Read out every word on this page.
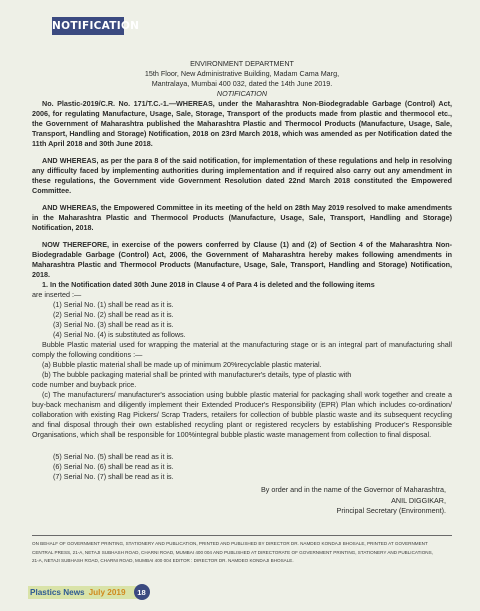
NOTIFICATION
ENVIRONMENT DEPARTMENT
15th Floor, New Administrative Building, Madam Cama Marg,
Mantralaya, Mumbai 400 032, dated the 14th June 2019.
NOTIFICATION
No. Plastic-2019/C.R. No. 171/T.C.-1.—WHEREAS, under the Maharashtra Non-Biodegradable Garbage (Control) Act, 2006, for regulating Manufacture, Usage, Sale, Storage, Transport of the products made from plastic and thermocol etc., the Government of Maharashtra published the Maharashtra Plastic and Thermocol Products (Manufacture, Usage, Sale, Transport, Handling and Storage) Notification, 2018 on 23rd March 2018, which was amended as per Notification dated the 11th April 2018 and 30th June 2018.
AND WHEREAS, as per the para 8 of the said notification, for implementation of these regulations and help in resolving any difficulty faced by implementing authorities during implementation and if required also carry out any amendment in these regulations, the Government vide Government Resolution dated 22nd March 2018 constituted the Empowered Committee.
AND WHEREAS, the Empowered Committee in its meeting of the held on 28th May 2019 resolved to make amendments in the Maharashtra Plastic and Thermocol Products (Manufacture, Usage, Sale, Transport, Handling and Storage) Notification, 2018.
NOW THEREFORE, in exercise of the powers conferred by Clause (1) and (2) of Section 4 of the Maharashtra Non-Biodegradable Garbage (Control) Act, 2006, the Government of Maharashtra hereby makes following amendments in Maharashtra Plastic and Thermocol Products (Manufacture, Usage, Sale, Transport, Handling and Storage) Notification, 2018.
1. In the Notification dated 30th June 2018 in Clause 4 of Para 4 is deleted and the following items
are inserted :—
(1) Serial No. (1) shall be read as it is.
(2) Serial No. (2) shall be read as it is.
(3) Serial No. (3) shall be read as it is.
(4) Serial No. (4) is substituted as follows.
Bubble Plastic material used for wrapping the material at the manufacturing stage or is an integral part of manufacturing shall comply the following conditions :—
(a) Bubble plastic material shall be made up of minimum 20%recyclable plastic material.
(b) The bubble packaging material shall be printed with manufacturer's details, type of plastic with
code number and buyback price.
(c) The manufacturers/ manufacturer's association using bubble plastic material for packaging shall work together and create a buy-back mechanism and diligently implement their Extended Producer's Responsibility (EPR) Plan which includes co-ordination/ collaboration with existing Rag Pickers/ Scrap Traders, retailers for collection of bubble plastic waste and its subsequent recycling and final disposal through their own established recycling plant or registered recyclers by establishing Producer's Responsible Organisations, which shall be responsible for 100%integral bubble plastic waste management from collection to final disposal.
(5) Serial No. (5) shall be read as it is.
(6) Serial No. (6) shall be read as it is.
(7) Serial No. (7) shall be read as it is.
By order and in the name of the Governor of Maharashtra,
ANIL DIGGIKAR,
Principal Secretary (Environment).
ON BEHALF OF GOVERNMENT PRINTING, STATIONERY AND PUBLICATION, PRINTED AND PUBLISHED BY DIRECTOR DR. NAMDEO KONDAJI BHOSALE, PRINTED AT GOVERNMENT
CENTRAL PRESS, 21-A, NETAJI SUBHASH ROAD, CHARNI ROAD, MUMBAI 400 004 AND PUBLISHED AT DIRECTORATE OF GOVERNMENT PRINTING, STATIONERY AND PUBLICATIONS,
21-A, NETAJI SUBHASH ROAD, CHARNI ROAD, MUMBAI 400 004 EDITOR : DIRECTOR DR. NAMDEO KONDAJI BHOSALE.
Plastics News July 2019	18
